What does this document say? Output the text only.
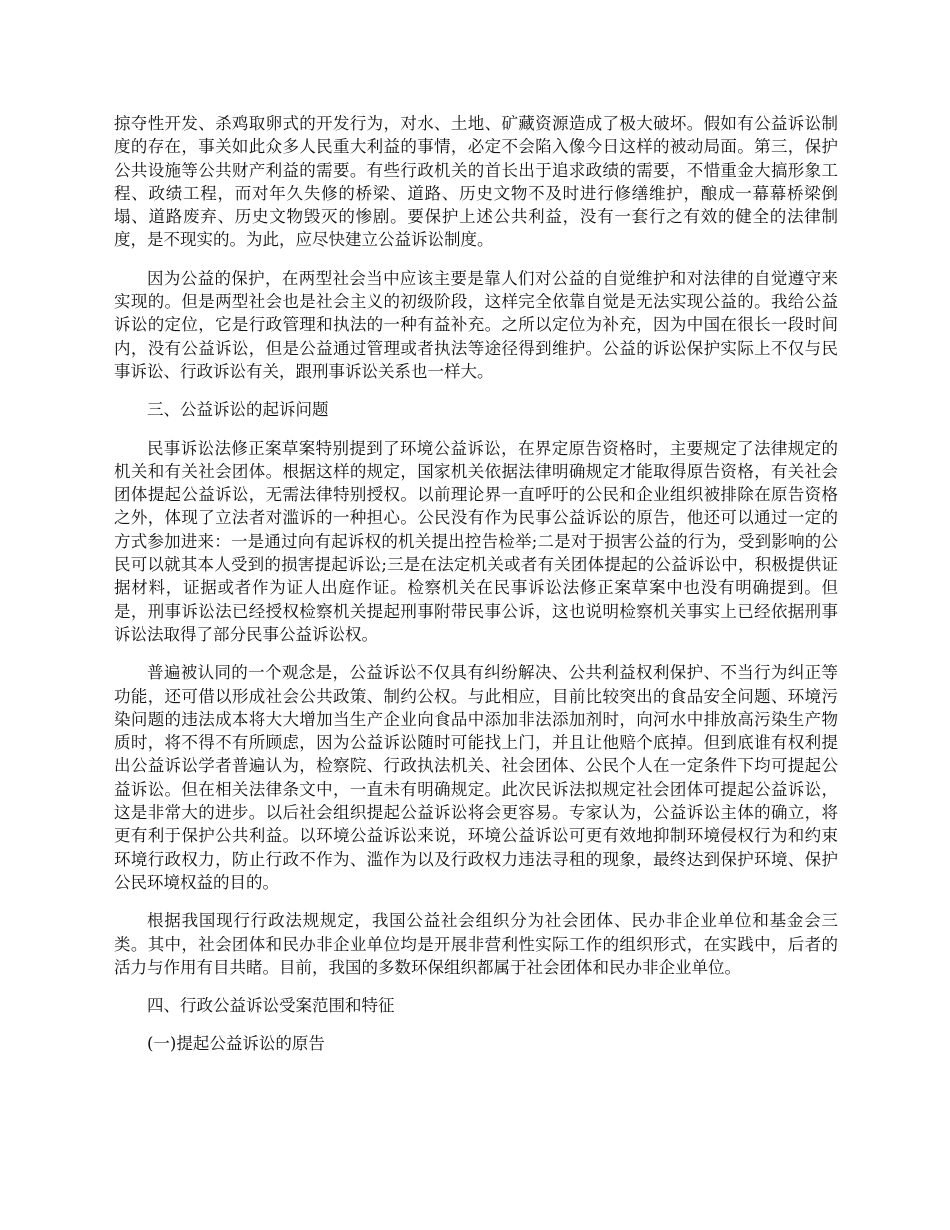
掠夺性开发、杀鸡取卵式的开发行为，对水、土地、矿藏资源造成了极大破坏。假如有公益诉讼制度的存在，事关如此众多人民重大利益的事情，必定不会陷入像今日这样的被动局面。第三，保护公共设施等公共财产利益的需要。有些行政机关的首长出于追求政绩的需要，不惜重金大搞形象工程、政绩工程，而对年久失修的桥梁、道路、历史文物不及时进行修缮维护，酿成一幕幕桥梁倒塌、道路废弃、历史文物毁灭的惨剧。要保护上述公共利益，没有一套行之有效的健全的法律制度，是不现实的。为此，应尽快建立公益诉讼制度。

因为公益的保护，在两型社会当中应该主要是靠人们对公益的自觉维护和对法律的自觉遵守来实现的。但是两型社会也是社会主义的初级阶段，这样完全依靠自觉是无法实现公益的。我给公益诉讼的定位，它是行政管理和执法的一种有益补充。之所以定位为补充，因为中国在很长一段时间内，没有公益诉讼，但是公益通过管理或者执法等途径得到维护。公益的诉讼保护实际上不仅与民事诉讼、行政诉讼有关，跟刑事诉讼关系也一样大。

三、公益诉讼的起诉问题

民事诉讼法修正案草案特别提到了环境公益诉讼，在界定原告资格时，主要规定了法律规定的机关和有关社会团体。根据这样的规定，国家机关依据法律明确规定才能取得原告资格，有关社会团体提起公益诉讼，无需法律特别授权。以前理论界一直呼吁的公民和企业组织被排除在原告资格之外，体现了立法者对滥诉的一种担心。公民没有作为民事公益诉讼的原告，他还可以通过一定的方式参加进来：一是通过向有起诉权的机关提出控告检举;二是对于损害公益的行为，受到影响的公民可以就其本人受到的损害提起诉讼;三是在法定机关或者有关团体提起的公益诉讼中，积极提供证据材料，证据或者作为证人出庭作证。检察机关在民事诉讼法修正案草案中也没有明确提到。但是，刑事诉讼法已经授权检察机关提起刑事附带民事公诉，这也说明检察机关事实上已经依据刑事诉讼法取得了部分民事公益诉讼权。

普遍被认同的一个观念是，公益诉讼不仅具有纠纷解决、公共利益权利保护、不当行为纠正等功能，还可借以形成社会公共政策、制约公权。与此相应，目前比较突出的食品安全问题、环境污染问题的违法成本将大大增加当生产企业向食品中添加非法添加剂时，向河水中排放高污染生产物质时，将不得不有所顾虑，因为公益诉讼随时可能找上门，并且让他赔个底掉。但到底谁有权利提出公益诉讼学者普遍认为，检察院、行政执法机关、社会团体、公民个人在一定条件下均可提起公益诉讼。但在相关法律条文中，一直未有明确规定。此次民诉法拟规定社会团体可提起公益诉讼，这是非常大的进步。以后社会组织提起公益诉讼将会更容易。专家认为，公益诉讼主体的确立，将更有利于保护公共利益。以环境公益诉讼来说，环境公益诉讼可更有效地抑制环境侵权行为和约束环境行政权力，防止行政不作为、滥作为以及行政权力违法寻租的现象，最终达到保护环境、保护公民环境权益的目的。

根据我国现行行政法规规定，我国公益社会组织分为社会团体、民办非企业单位和基金会三类。其中，社会团体和民办非企业单位均是开展非营利性实际工作的组织形式，在实践中，后者的活力与作用有目共睹。目前，我国的多数环保组织都属于社会团体和民办非企业单位。

四、行政公益诉讼受案范围和特征

(一)提起公益诉讼的原告
